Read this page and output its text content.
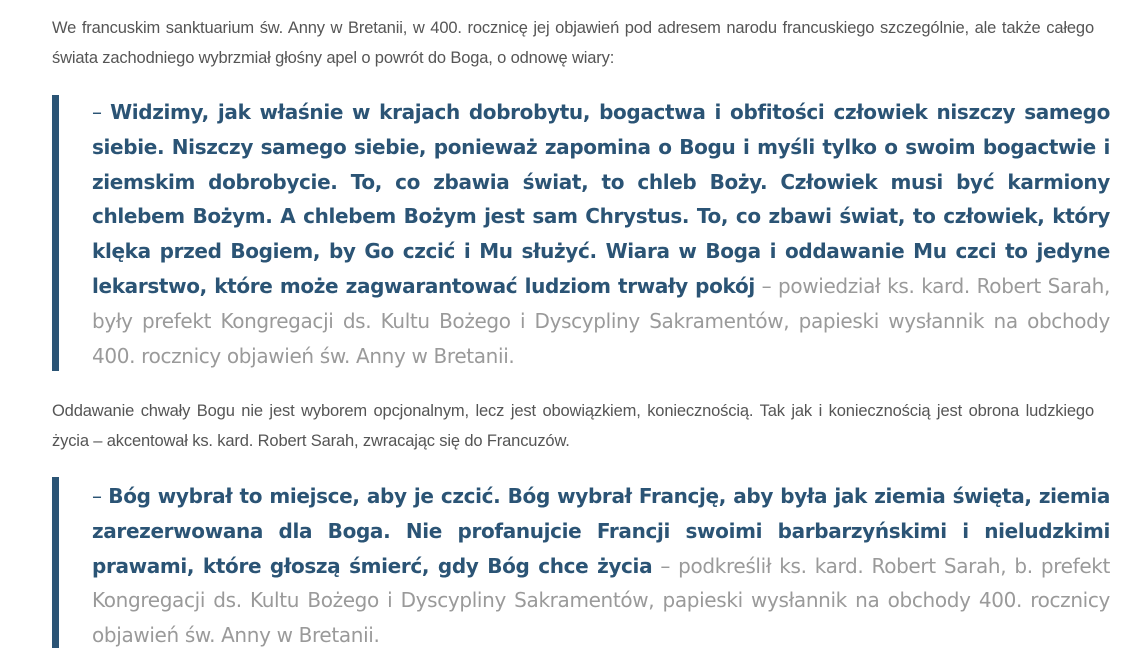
We francuskim sanktuarium św. Anny w Bretanii, w 400. rocznicę jej objawień pod adresem narodu francuskiego szczególnie, ale także całego świata zachodniego wybrzmiał głośny apel o powrót do Boga, o odnowę wiary:

– Widzimy, jak właśnie w krajach dobrobytu, bogactwa i obfitości człowiek niszczy samego siebie. Niszczy samego siebie, ponieważ zapomina o Bogu i myśli tylko o swoim bogactwie i ziemskim dobrobycie. To, co zbawia świat, to chleb Boży. Człowiek musi być karmiony chlebem Bożym. A chlebem Bożym jest sam Chrystus. To, co zbawi świat, to człowiek, który klęka przed Bogiem, by Go czcić i Mu służyć. Wiara w Boga i oddawanie Mu czci to jedyne lekarstwo, które może zagwarantować ludziom trwały pokój – powiedział ks. kard. Robert Sarah, były prefekt Kongregacji ds. Kultu Bożego i Dyscypliny Sakramentów, papieski wysłannik na obchody 400. rocznicy objawień św. Anny w Bretanii.

Oddawanie chwały Bogu nie jest wyborem opcjonalnym, lecz jest obowiązkiem, koniecznością. Tak jak i koniecznością jest obrona ludzkiego życia – akcentował ks. kard. Robert Sarah, zwracając się do Francuzów.

– Bóg wybrał to miejsce, aby je czcić. Bóg wybrał Francję, aby była jak ziemia święta, ziemia zarezerwowana dla Boga. Nie profanujcie Francji swoimi barbarzyńskimi i nieludzkimi prawami, które głoszą śmierć, gdy Bóg chce życia – podkreślił ks. kard. Robert Sarah, b. prefekt Kongregacji ds. Kultu Bożego i Dyscypliny Sakramentów, papieski wysłannik na obchody 400. rocznicy objawień św. Anny w Bretanii.
